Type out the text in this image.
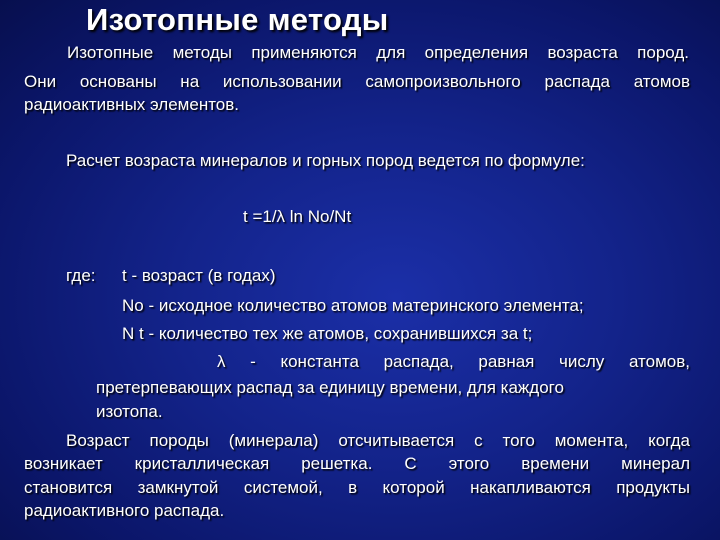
Изотопные методы
Изотопные методы применяются для определения возраста пород.
Они основаны на использовании самопроизвольного распада атомов
радиоактивных элементов.
Расчет возраста минералов и горных пород ведется по формуле:
t =1/λ ln No/Nt
где: t - возраст (в годах)
No - исходное количество атомов материнского элемента;
N t - количество тех же атомов, сохранившихся за t;
λ - константа распада, равная числу атомов,
претерпевающих распад за единицу времени, для каждого
изотопа.
Возраст породы (минерала) отсчитывается с того момента, когда
возникает кристаллическая решетка. С этого времени минерал
становится замкнутой системой, в которой накапливаются продукты
радиоактивного распада.
